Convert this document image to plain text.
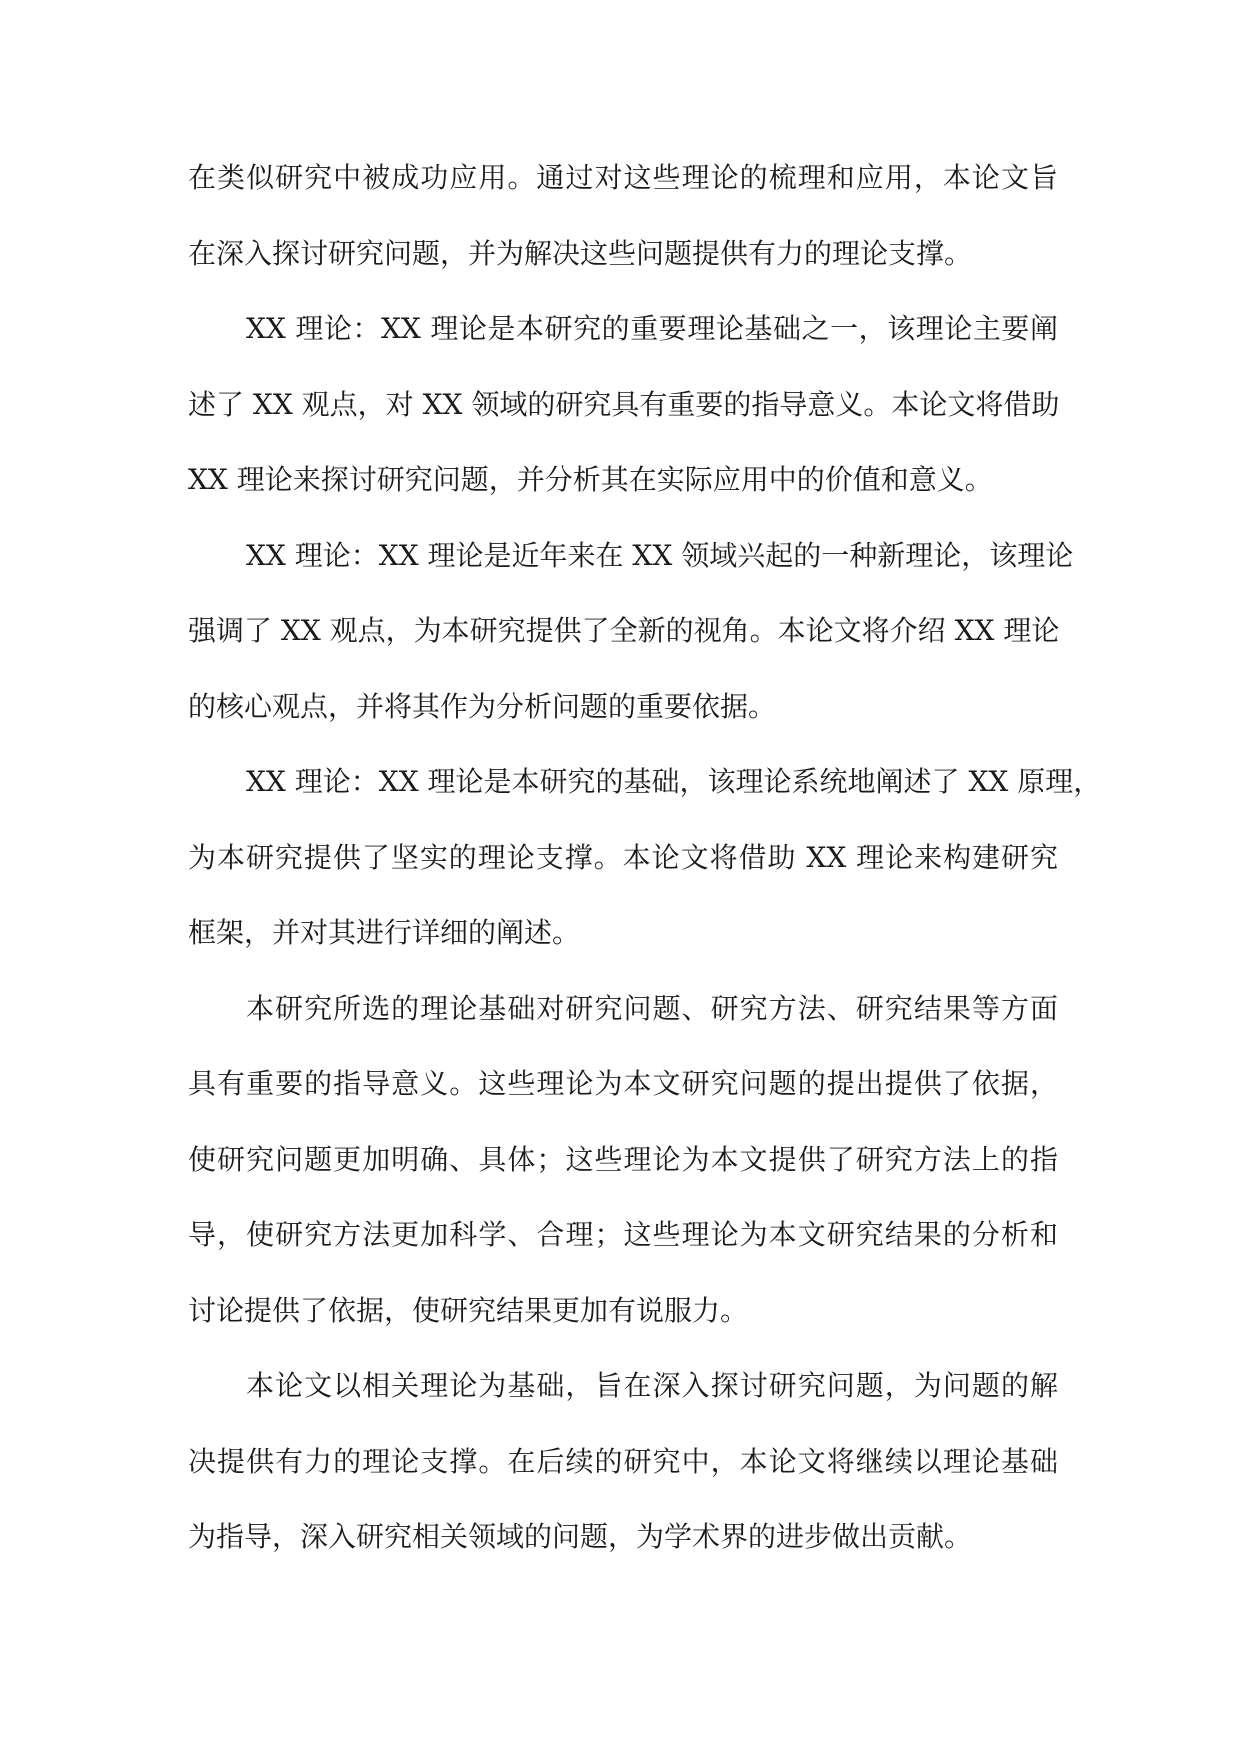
在类似研究中被成功应用。通过对这些理论的梳理和应用，本论文旨
在深入探讨研究问题，并为解决这些问题提供有力的理论支撑。
XX 理论：XX 理论是本研究的重要理论基础之一，该理论主要阐
述了 XX 观点，对 XX 领域的研究具有重要的指导意义。本论文将借助
XX 理论来探讨研究问题，并分析其在实际应用中的价值和意义。
XX 理论：XX 理论是近年来在 XX 领域兴起的一种新理论，该理论
强调了 XX 观点，为本研究提供了全新的视角。本论文将介绍 XX 理论
的核心观点，并将其作为分析问题的重要依据。
XX 理论：XX 理论是本研究的基础，该理论系统地阐述了 XX 原理，
为本研究提供了坚实的理论支撑。本论文将借助 XX 理论来构建研究
框架，并对其进行详细的阐述。
本研究所选的理论基础对研究问题、研究方法、研究结果等方面
具有重要的指导意义。这些理论为本文研究问题的提出提供了依据，
使研究问题更加明确、具体；这些理论为本文提供了研究方法上的指
导，使研究方法更加科学、合理；这些理论为本文研究结果的分析和
讨论提供了依据，使研究结果更加有说服力。
本论文以相关理论为基础，旨在深入探讨研究问题，为问题的解
决提供有力的理论支撑。在后续的研究中，本论文将继续以理论基础
为指导，深入研究相关领域的问题，为学术界的进步做出贡献。
